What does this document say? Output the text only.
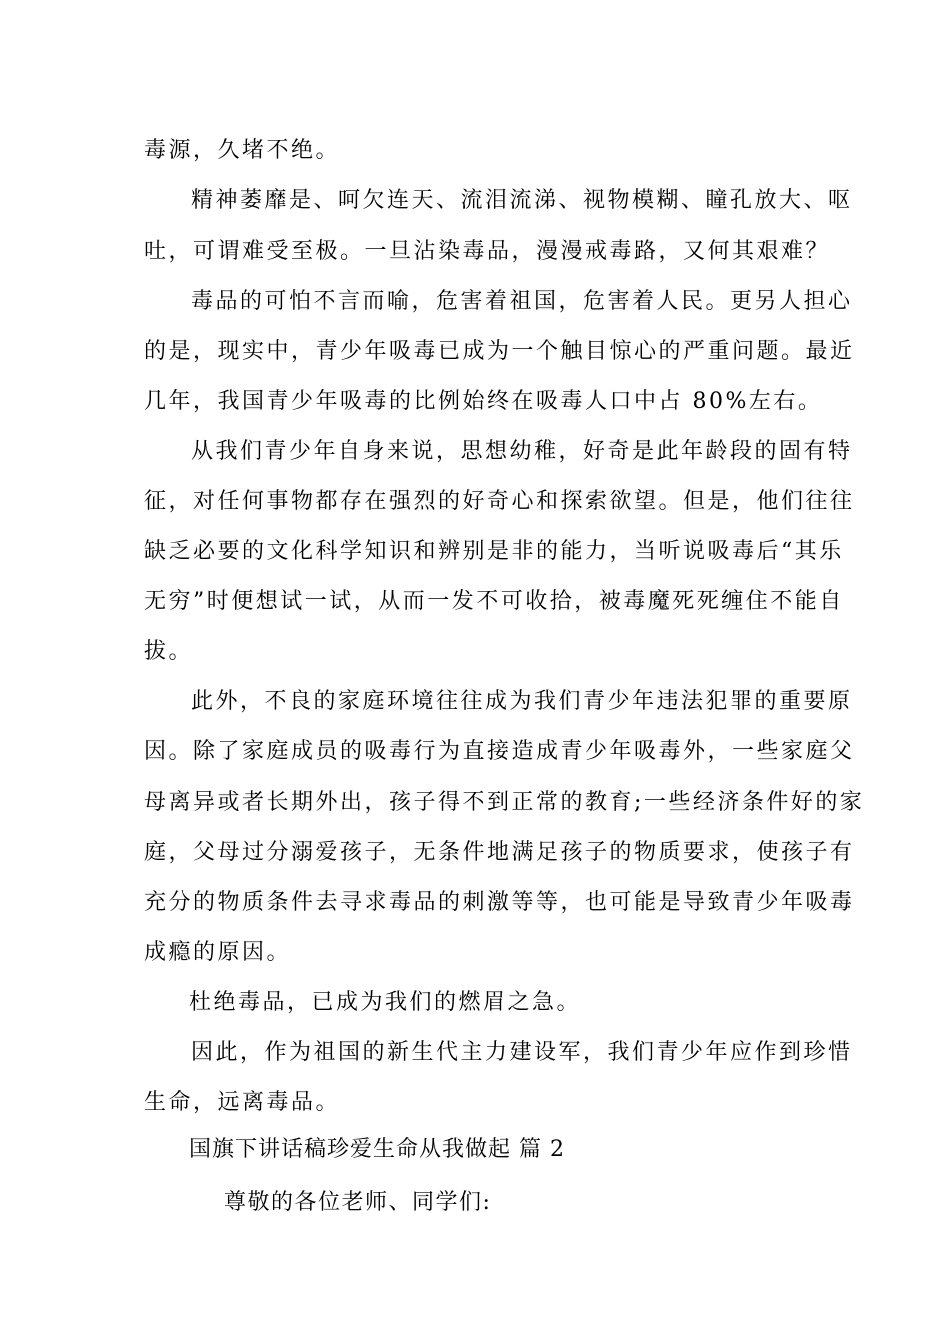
毒源，久堵不绝。
精神萎靡是、呵欠连天、流泪流涕、视物模糊、瞳孔放大、呕
吐，可谓难受至极。一旦沾染毒品，漫漫戒毒路，又何其艰难？
毒品的可怕不言而喻，危害着祖国，危害着人民。更另人担心
的是，现实中，青少年吸毒已成为一个触目惊心的严重问题。最近
几年，我国青少年吸毒的比例始终在吸毒人口中占 80%左右。
从我们青少年自身来说，思想幼稚，好奇是此年龄段的固有特
征，对任何事物都存在强烈的好奇心和探索欲望。但是，他们往往
缺乏必要的文化科学知识和辨别是非的能力，当听说吸毒后“其乐
无穷”时便想试一试，从而一发不可收拾，被毒魔死死缠住不能自
拔。
此外，不良的家庭环境往往成为我们青少年违法犯罪的重要原
因。除了家庭成员的吸毒行为直接造成青少年吸毒外，一些家庭父
母离异或者长期外出，孩子得不到正常的教育;一些经济条件好的家
庭，父母过分溺爱孩子，无条件地满足孩子的物质要求，使孩子有
充分的物质条件去寻求毒品的刺激等等，也可能是导致青少年吸毒
成瘾的原因。
杜绝毒品，已成为我们的燃眉之急。
因此，作为祖国的新生代主力建设军，我们青少年应作到珍惜
生命，远离毒品。
国旗下讲话稿珍爱生命从我做起 篇 2
尊敬的各位老师、同学们:
